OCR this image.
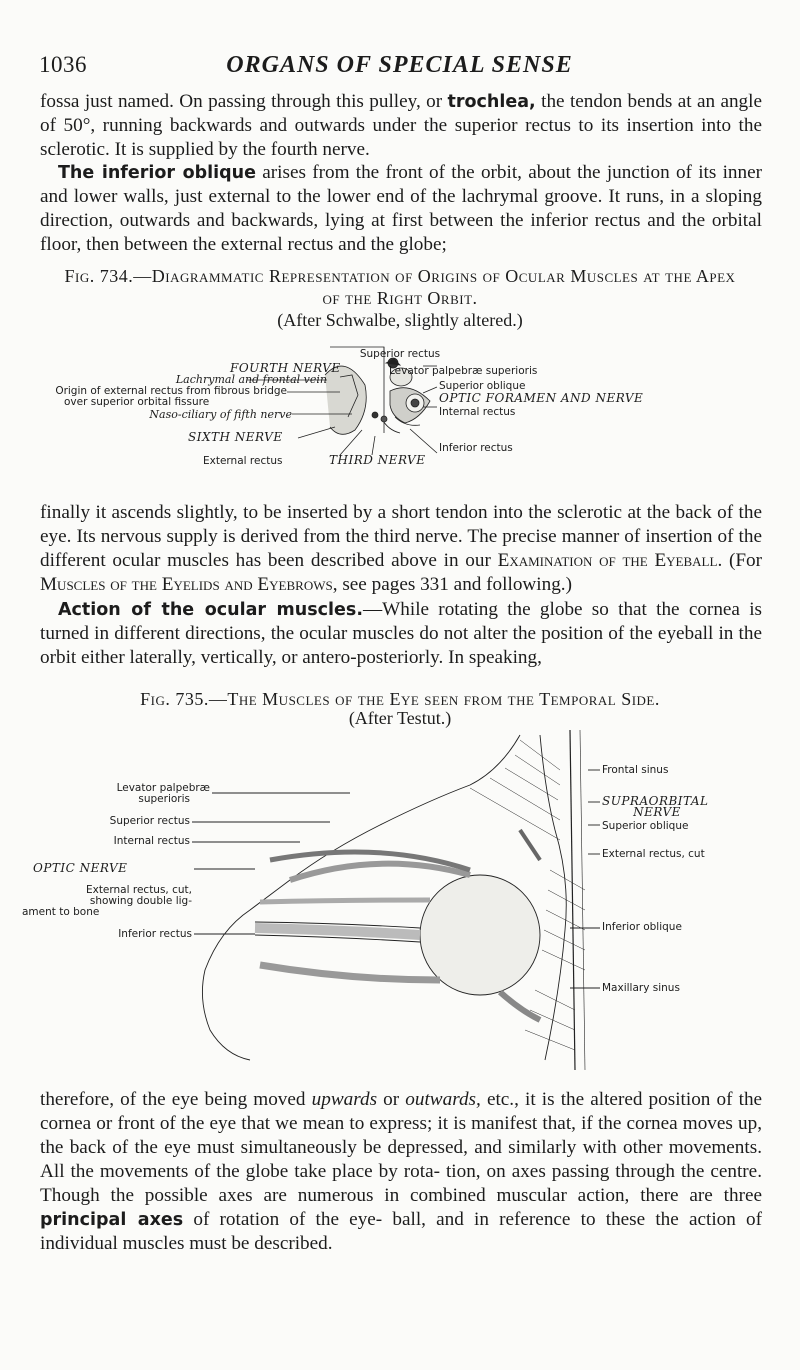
1036	ORGANS OF SPECIAL SENSE

fossa just named. On passing through this pulley, or trochlea, the tendon bends at an angle of 50°, running backwards and outwards under the superior rectus to its insertion into the sclerotic. It is supplied by the fourth nerve.

The inferior oblique arises from the front of the orbit, about the junction of its inner and lower walls, just external to the lower end of the lachrymal groove. It runs, in a sloping direction, outwards and backwards, lying at first between the inferior rectus and the orbital floor, then between the external rectus and the globe;

Fig. 734.—Diagrammatic Representation of Origins of Ocular Muscles at the Apex
of the Right Orbit.
(After Schwalbe, slightly altered.)
Superior rectus
FOURTH NERVE	Levator palpebræ superioris
Lachrymal and frontal vein
Origin of external rectus from fibrous bridge
over superior orbital fissure
Naso-ciliary of fifth nerve
SIXTH NERVE
External rectus	THIRD NERVE
Superior oblique
OPTIC FORAMEN AND NERVE
Internal rectus
Inferior rectus

finally it ascends slightly, to be inserted by a short tendon into the sclerotic at the back of the eye. Its nervous supply is derived from the third nerve. The precise manner of insertion of the different ocular muscles has been described above in our Examination of the Eyeball. (For Muscles of the Eyelids and Eyebrows, see pages 331 and following.)

Action of the ocular muscles.—While rotating the globe so that the cornea is turned in different directions, the ocular muscles do not alter the position of the eyeball in the orbit either laterally, vertically, or antero-posteriorly. In speaking,

Fig. 735.—The Muscles of the Eye seen from the Temporal Side.
(After Testut.)
Levator palpebræ
superioris
Superior rectus
Internal rectus
OPTIC NERVE
External rectus, cut,
showing double lig-
ament to bone
Inferior rectus
Frontal sinus
SUPRAORBITAL
NERVE
Superior oblique
External rectus, cut
Inferior oblique
Maxillary sinus

therefore, of the eye being moved upwards or outwards, etc., it is the altered position of the cornea or front of the eye that we mean to express; it is manifest that, if the cornea moves up, the back of the eye must simultaneously be depressed, and similarly with other movements. All the movements of the globe take place by rota- tion, on axes passing through the centre. Though the possible axes are numerous in combined muscular action, there are three principal axes of rotation of the eye- ball, and in reference to these the action of individual muscles must be described.
